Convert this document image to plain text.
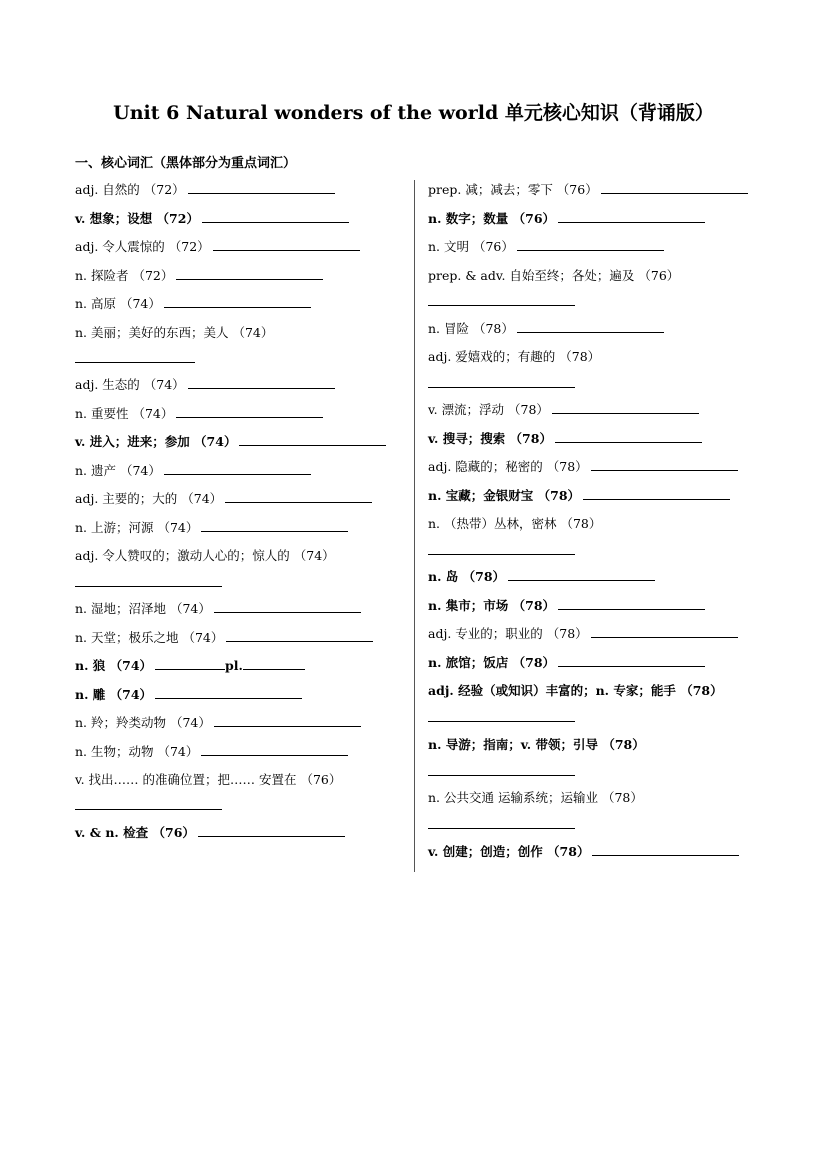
Unit 6 Natural wonders of the world 单元核心知识（背诵版）
一、核心词汇（黑体部分为重点词汇）
adj. 自然的 （72）
v. 想象；设想 （72）
adj. 令人震惊的 （72）
n. 探险者 （72）
n. 高原 （74）
n. 美丽；美好的东西；美人 （74）
adj. 生态的 （74）
n. 重要性 （74）
v. 进入；进来；参加 （74）
n. 遗产 （74）
adj. 主要的；大的 （74）
n. 上游；河源 （74）
adj. 令人赞叹的；激动人心的；惊人的 （74）
n. 湿地；沼泽地 （74）
n. 天堂；极乐之地 （74）
n. 狼 （74）	pl.
n. 雕 （74）
n. 羚；羚类动物 （74）
n. 生物；动物 （74）
v. 找出…… 的准确位置；把…… 安置在 （76）
v. & n. 检查 （76）
prep. 减；减去；零下 （76）
n. 数字；数量 （76）
n. 文明 （76）
prep. & adv. 自始至终；各处；遍及 （76）
n. 冒险 （78）
adj. 爱嬉戏的；有趣的 （78）
v. 漂流；浮动 （78）
v. 搜寻；搜索 （78）
adj. 隐藏的；秘密的 （78）
n. 宝藏；金银财宝 （78）
n. （热带）丛林，密林 （78）
n. 岛 （78）
n. 集市；市场 （78）
adj. 专业的；职业的 （78）
n. 旅馆；饭店 （78）
adj. 经验（或知识）丰富的；n. 专家；能手 （78）
n. 导游；指南；v. 带领；引导 （78）
n. 公共交通 运输系统；运输业 （78）
v. 创建；创造；创作 （78）
